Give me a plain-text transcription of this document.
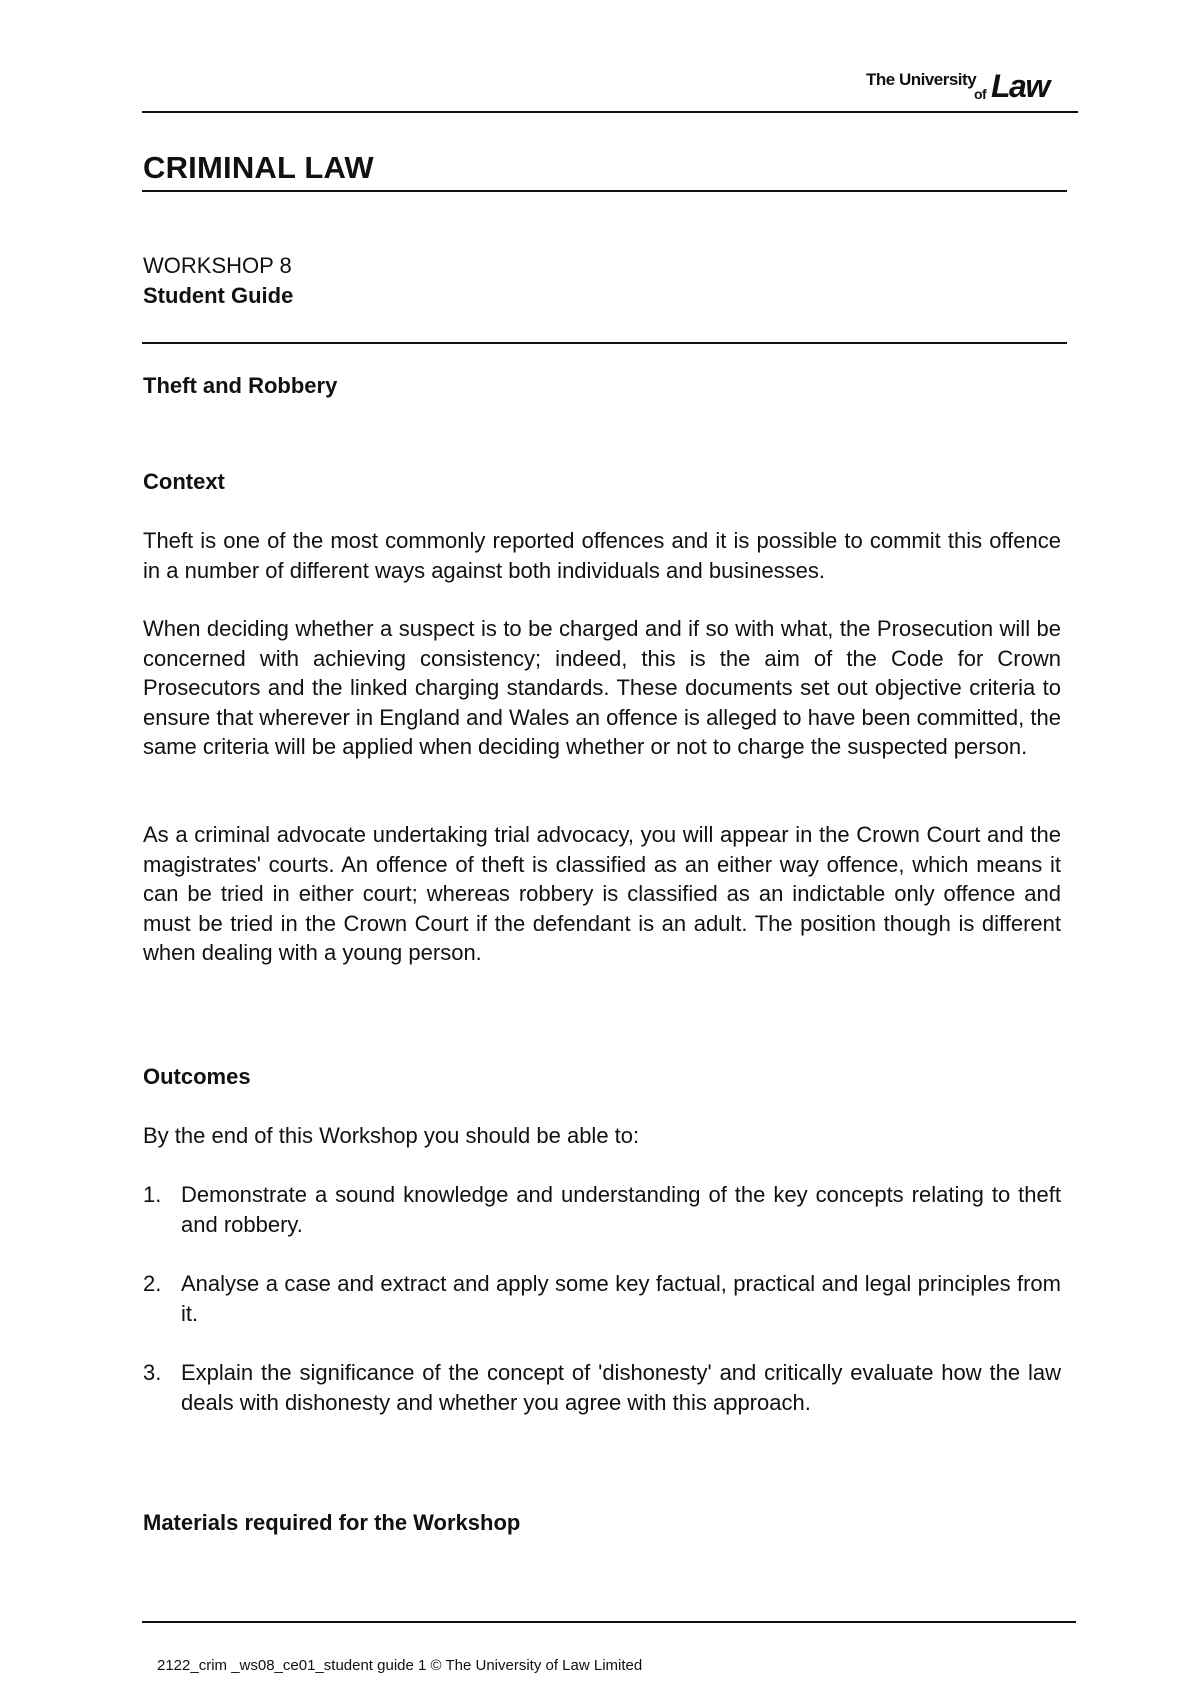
The University
of Law
CRIMINAL LAW
WORKSHOP 8
Student Guide
Theft and Robbery
Context
Theft is one of the most commonly reported offences and it is possible to commit this offence in a number of different ways against both individuals and businesses.
When deciding whether a suspect is to be charged and if so with what, the Prosecution will be concerned with achieving consistency; indeed, this is the aim of the Code for Crown Prosecutors and the linked charging standards. These documents set out objective criteria to ensure that wherever in England and Wales an offence is alleged to have been committed, the same criteria will be applied when deciding whether or not to charge the suspected person.
As a criminal advocate undertaking trial advocacy, you will appear in the Crown Court and the magistrates' courts. An offence of theft is classified as an either way offence, which means it can be tried in either court; whereas robbery is classified as an indictable only offence and must be tried in the Crown Court if the defendant is an adult. The position though is different when dealing with a young person.
Outcomes
By the end of this Workshop you should be able to:
1. Demonstrate a sound knowledge and understanding of the key concepts relating to theft and robbery.
2. Analyse a case and extract and apply some key factual, practical and legal principles from it.
3. Explain the significance of the concept of 'dishonesty' and critically evaluate how the law deals with dishonesty and whether you agree with this approach.
Materials required for the Workshop
2122_crim _ws08_ce01_student guide 1 © The University of Law Limited
